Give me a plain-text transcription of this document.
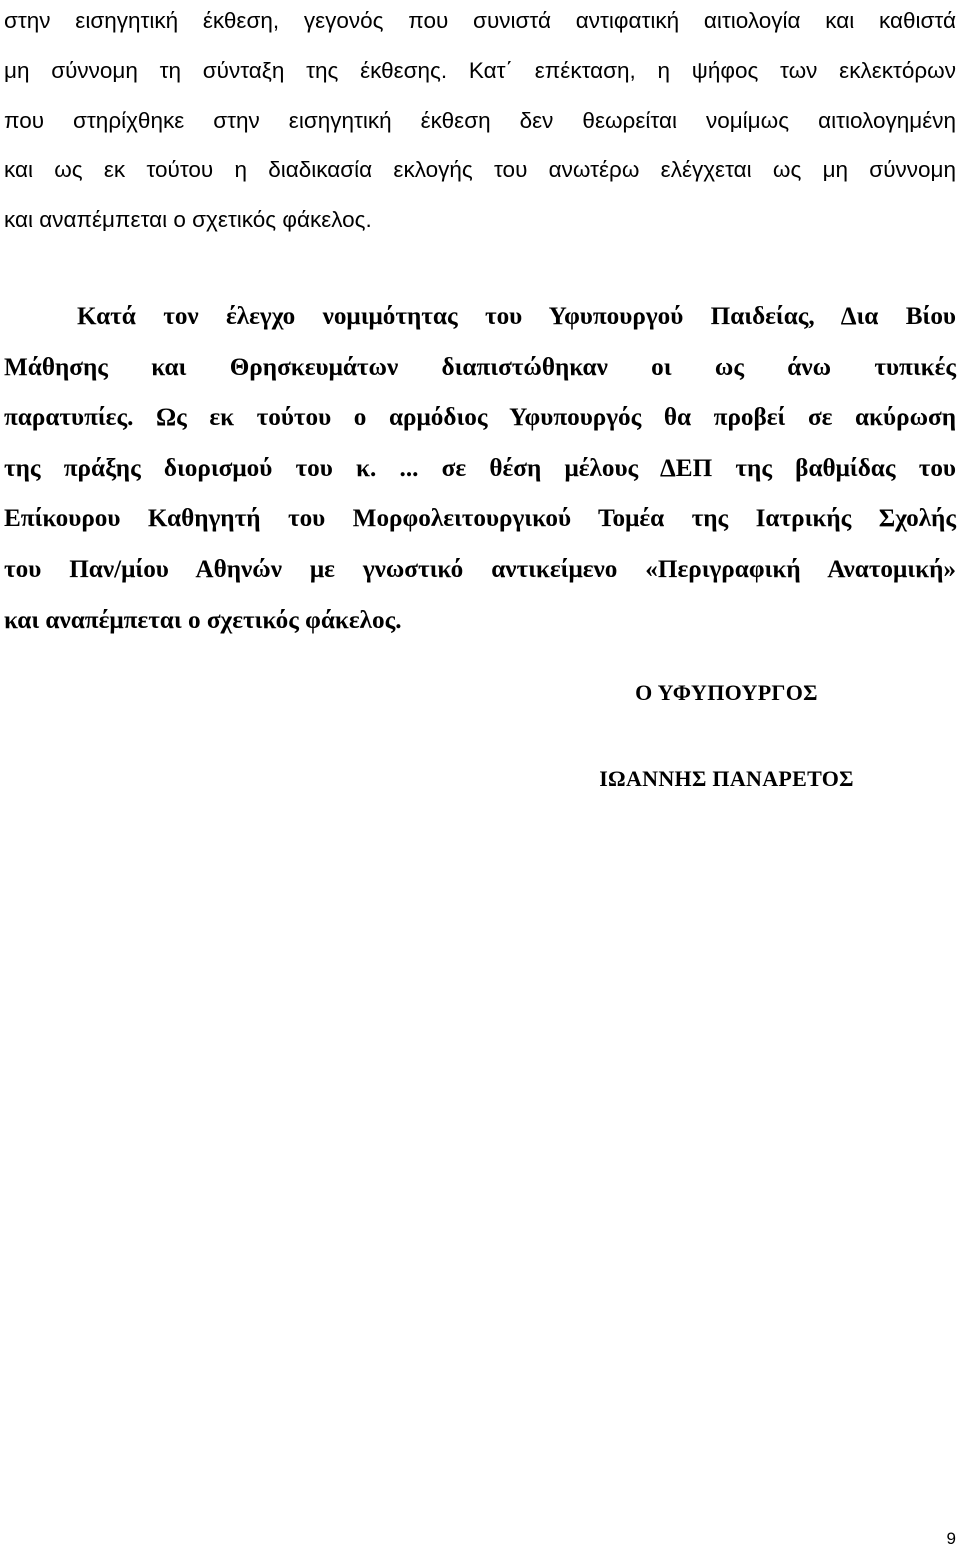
στην εισηγητική έκθεση, γεγονός που συνιστά αντιφατική αιτιολογία και καθιστά
μη σύννομη τη σύνταξη της έκθεσης. Κατ΄ επέκταση, η ψήφος των εκλεκτόρων
που στηρίχθηκε στην εισηγητική έκθεση δεν θεωρείται νομίμως αιτιολογημένη
και ως εκ τούτου η διαδικασία εκλογής του ανωτέρω ελέγχεται ως μη σύννομη
και αναπέμπεται ο σχετικός φάκελος.
Κατά τον έλεγχο νομιμότητας του Υφυπουργού Παιδείας, Δια Βίου
Μάθησης και Θρησκευμάτων διαπιστώθηκαν οι ως άνω τυπικές
παρατυπίες. Ως εκ τούτου ο αρμόδιος Υφυπουργός θα προβεί σε ακύρωση
της πράξης διορισμού του κ. ... σε θέση μέλους ΔΕΠ της βαθμίδας του
Επίκουρου Καθηγητή του Μορφολειτουργικού Τομέα της Ιατρικής Σχολής
του Παν/μίου Αθηνών με γνωστικό αντικείμενο «Περιγραφική Ανατομική»
και αναπέμπεται ο σχετικός φάκελος.
Ο ΥΦΥΠΟΥΡΓΟΣ
ΙΩΑΝΝΗΣ ΠΑΝΑΡΕΤΟΣ
9
